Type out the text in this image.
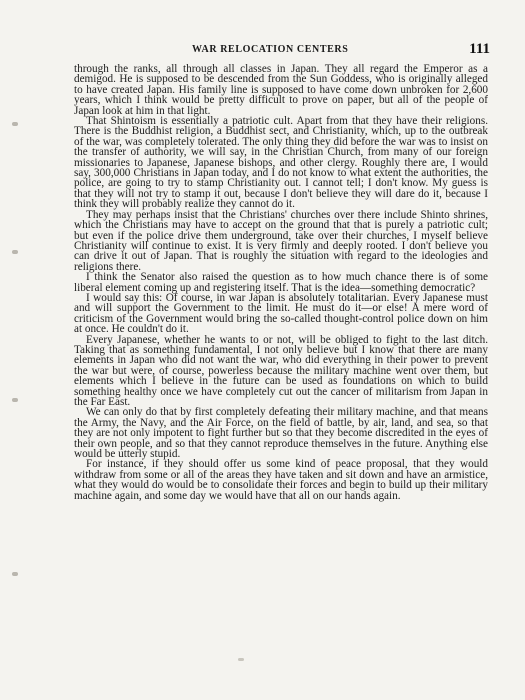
WAR RELOCATION CENTERS	111

through the ranks, all through all classes in Japan. They all regard the Emperor as a demigod. He is supposed to be descended from the Sun Goddess, who is originally alleged to have created Japan. His family line is supposed to have come down unbroken for 2,600 years, which I think would be pretty difficult to prove on paper, but all of the people of Japan look at him in that light.

That Shintoism is essentially a patriotic cult. Apart from that they have their religions. There is the Buddhist religion, a Buddhist sect, and Christianity, which, up to the outbreak of the war, was completely tolerated. The only thing they did before the war was to insist on the transfer of authority, we will say, in the Christian Church, from many of our foreign missionaries to Japanese, Japanese bishops, and other clergy. Roughly there are, I would say, 300,000 Christians in Japan today, and I do not know to what extent the authorities, the police, are going to try to stamp Christianity out. I cannot tell; I don't know. My guess is that they will not try to stamp it out, because I don't believe they will dare do it, because I think they will probably realize they cannot do it.

They may perhaps insist that the Christians' churches over there include Shinto shrines, which the Christians may have to accept on the ground that that is purely a patriotic cult; but even if the police drive them underground, take over their churches, I myself believe Christianity will continue to exist. It is very firmly and deeply rooted. I don't believe you can drive it out of Japan. That is roughly the situation with regard to the ideologies and religions there.

I think the Senator also raised the question as to how much chance there is of some liberal element coming up and registering itself. That is the idea—something democratic?

I would say this: Of course, in war Japan is absolutely totalitarian. Every Japanese must and will support the Government to the limit. He must do it—or else! A mere word of criticism of the Government would bring the so-called thought-control police down on him at once. He couldn't do it.

Every Japanese, whether he wants to or not, will be obliged to fight to the last ditch. Taking that as something fundamental, I not only believe but I know that there are many elements in Japan who did not want the war, who did everything in their power to prevent the war but were, of course, powerless because the military machine went over them, but elements which I believe in the future can be used as foundations on which to build something healthy once we have completely cut out the cancer of militarism from Japan in the Far East.

We can only do that by first completely defeating their military machine, and that means the Army, the Navy, and the Air Force, on the field of battle, by air, land, and sea, so that they are not only impotent to fight further but so that they become discredited in the eyes of their own people, and so that they cannot reproduce themselves in the future. Anything else would be utterly stupid.

For instance, if they should offer us some kind of peace proposal, that they would withdraw from some or all of the areas they have taken and sit down and have an armistice, what they would do would be to consolidate their forces and begin to build up their military machine again, and some day we would have that all on our hands again.
